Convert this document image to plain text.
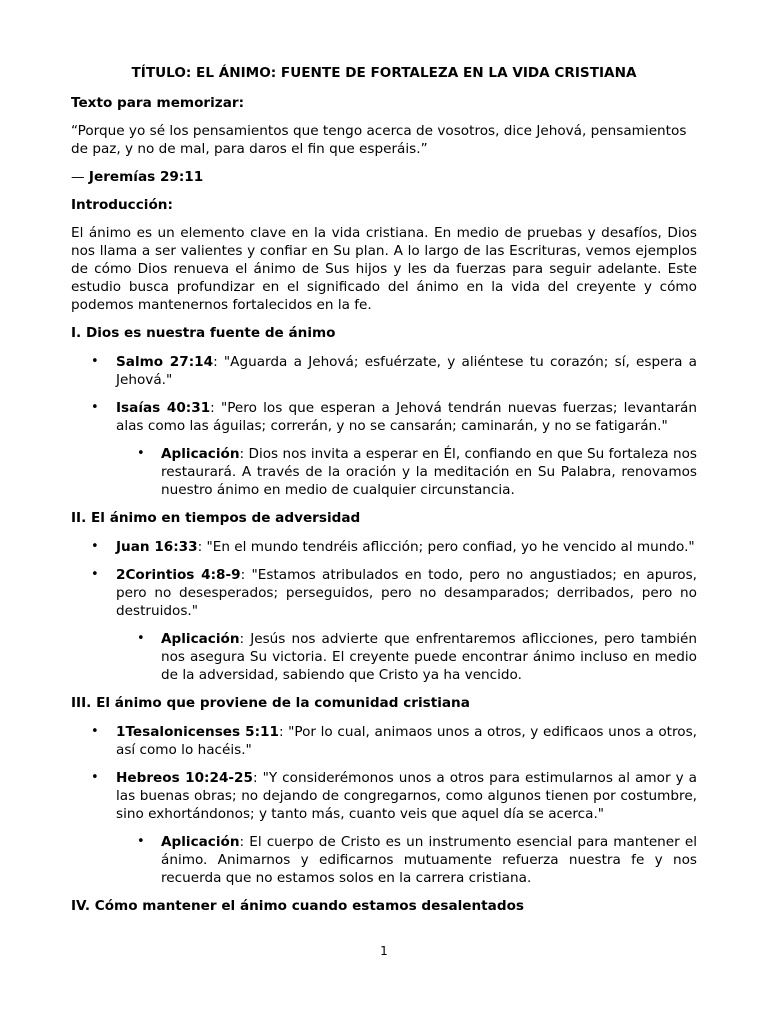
TÍTULO: EL ÁNIMO: FUENTE DE FORTALEZA EN LA VIDA CRISTIANA

Texto para memorizar:

“Porque yo sé los pensamientos que tengo acerca de vosotros, dice Jehová, pensamientos de paz, y no de mal, para daros el fin que esperáis.”

— Jeremías 29:11

Introducción:

El ánimo es un elemento clave en la vida cristiana. En medio de pruebas y desafíos, Dios nos llama a ser valientes y confiar en Su plan. A lo largo de las Escrituras, vemos ejemplos de cómo Dios renueva el ánimo de Sus hijos y les da fuerzas para seguir adelante. Este estudio busca profundizar en el significado del ánimo en la vida del creyente y cómo podemos mantenernos fortalecidos en la fe.

I. Dios es nuestra fuente de ánimo
• Salmo 27:14: "Aguarda a Jehová; esfuérzate, y aliéntese tu corazón; sí, espera a Jehová."
• Isaías 40:31: "Pero los que esperan a Jehová tendrán nuevas fuerzas; levantarán alas como las águilas; correrán, y no se cansarán; caminarán, y no se fatigarán."
• Aplicación: Dios nos invita a esperar en Él, confiando en que Su fortaleza nos restaurará. A través de la oración y la meditación en Su Palabra, renovamos nuestro ánimo en medio de cualquier circunstancia.
II. El ánimo en tiempos de adversidad
• Juan 16:33: "En el mundo tendréis aflicción; pero confiad, yo he vencido al mundo."
• 2Corintios 4:8-9: "Estamos atribulados en todo, pero no angustiados; en apuros, pero no desesperados; perseguidos, pero no desamparados; derribados, pero no destruidos."
• Aplicación: Jesús nos advierte que enfrentaremos aflicciones, pero también nos asegura Su victoria. El creyente puede encontrar ánimo incluso en medio de la adversidad, sabiendo que Cristo ya ha vencido.
III. El ánimo que proviene de la comunidad cristiana
• 1Tesalonicenses 5:11: "Por lo cual, animaos unos a otros, y edificaos unos a otros, así como lo hacéis."
• Hebreos 10:24-25: "Y considerémonos unos a otros para estimularnos al amor y a las buenas obras; no dejando de congregarnos, como algunos tienen por costumbre, sino exhortándonos; y tanto más, cuanto veis que aquel día se acerca."
• Aplicación: El cuerpo de Cristo es un instrumento esencial para mantener el ánimo. Animarnos y edificarnos mutuamente refuerza nuestra fe y nos recuerda que no estamos solos en la carrera cristiana.
IV. Cómo mantener el ánimo cuando estamos desalentados
1
